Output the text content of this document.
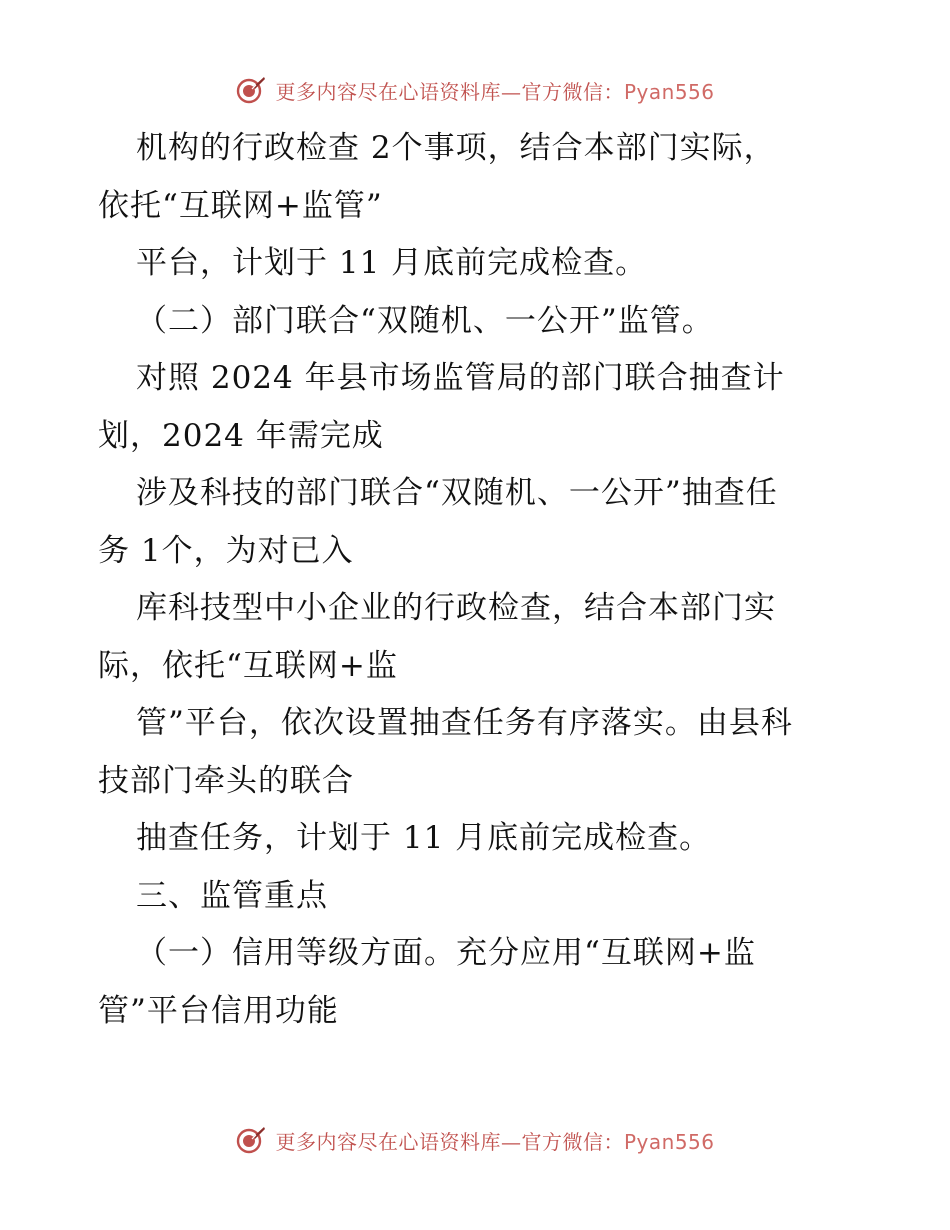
更多内容尽在心语资料库—官方微信：Pyan556
机构的行政检查 2个事项，结合本部门实际，
依托“互联网+监管”
平台，计划于 11 月底前完成检查。
（二）部门联合“双随机、一公开”监管。
对照 2024 年县市场监管局的部门联合抽查计
划，2024 年需完成
涉及科技的部门联合“双随机、一公开”抽查任
务 1个，为对已入
库科技型中小企业的行政检查，结合本部门实
际，依托“互联网+监
管”平台，依次设置抽查任务有序落实。由县科
技部门牵头的联合
抽查任务，计划于 11 月底前完成检查。
三、监管重点
（一）信用等级方面。充分应用“互联网+监
管”平台信用功能
更多内容尽在心语资料库—官方微信：Pyan556
